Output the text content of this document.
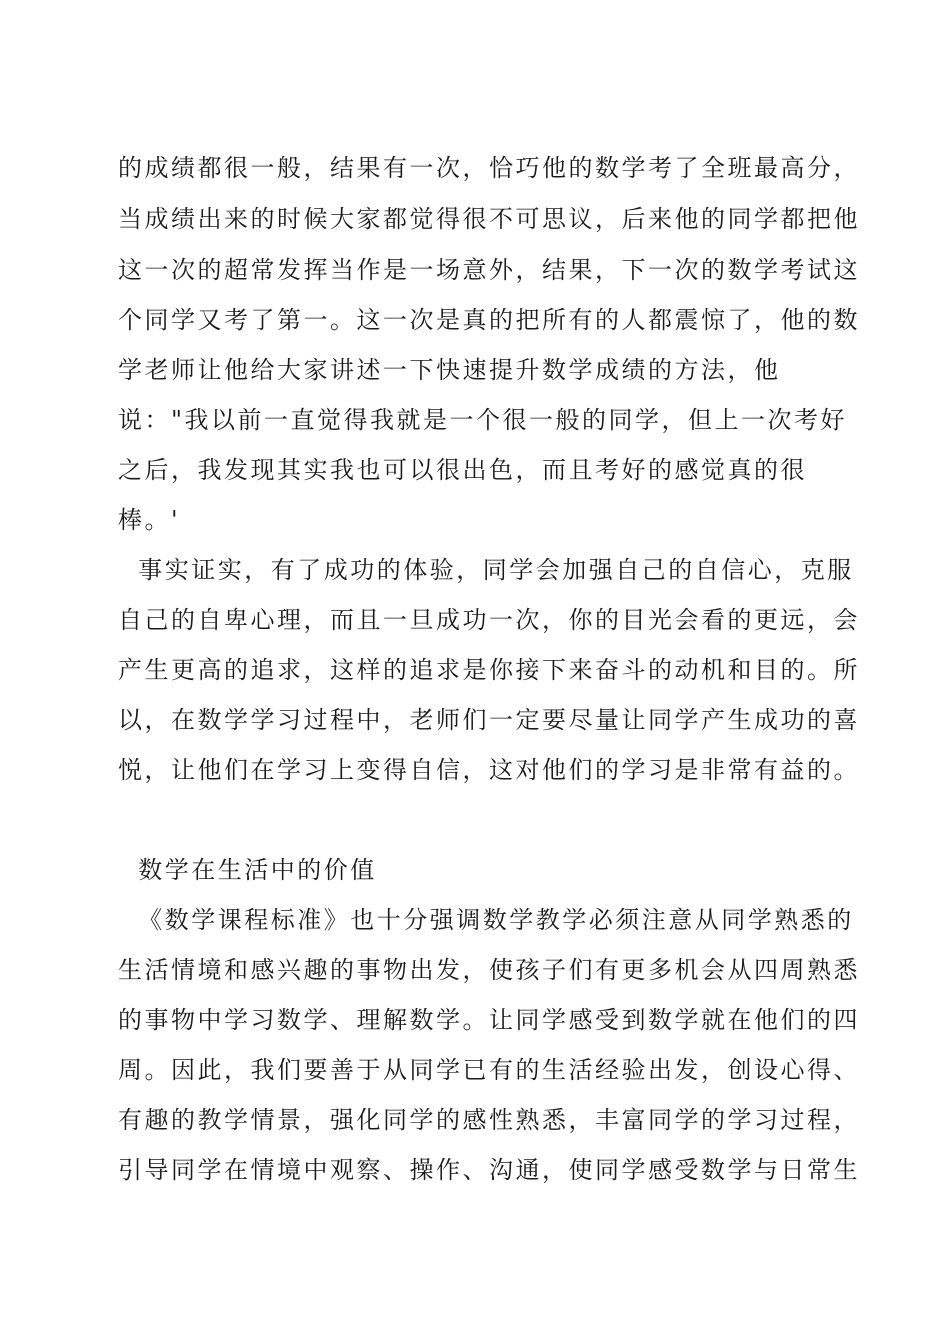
的成绩都很一般，结果有一次，恰巧他的数学考了全班最高分，
当成绩出来的时候大家都觉得很不可思议，后来他的同学都把他
这一次的超常发挥当作是一场意外，结果，下一次的数学考试这
个同学又考了第一。这一次是真的把所有的人都震惊了，他的数
学老师让他给大家讲述一下快速提升数学成绩的方法，他
说："我以前一直觉得我就是一个很一般的同学，但上一次考好
之后，我发现其实我也可以很出色，而且考好的感觉真的很
棒。'
事实证实，有了成功的体验，同学会加强自己的自信心，克服
自己的自卑心理，而且一旦成功一次，你的目光会看的更远，会
产生更高的追求，这样的追求是你接下来奋斗的动机和目的。所
以，在数学学习过程中，老师们一定要尽量让同学产生成功的喜
悦，让他们在学习上变得自信，这对他们的学习是非常有益的。
数学在生活中的价值
《数学课程标准》也十分强调数学教学必须注意从同学熟悉的
生活情境和感兴趣的事物出发，使孩子们有更多机会从四周熟悉
的事物中学习数学、理解数学。让同学感受到数学就在他们的四
周。因此，我们要善于从同学已有的生活经验出发，创设心得、
有趣的教学情景，强化同学的感性熟悉，丰富同学的学习过程，
引导同学在情境中观察、操作、沟通，使同学感受数学与日常生
